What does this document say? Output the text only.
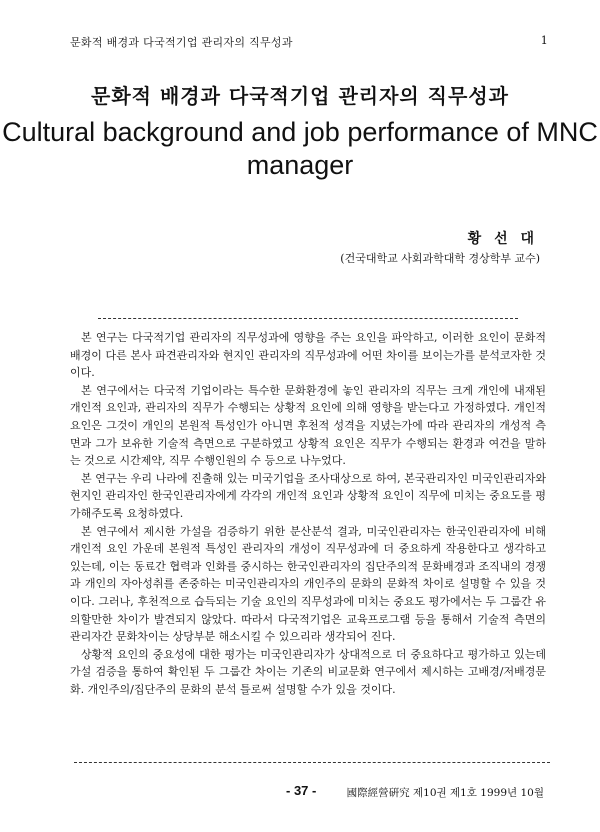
문화적 배경과 다국적기업 관리자의 직무성과	1
문화적 배경과 다국적기업 관리자의 직무성과
Cultural background and job performance of MNC manager
황 선 대
(건국대학교 사회과학대학 경상학부 교수)

본 연구는 다국적기업 관리자의 직무성과에 영향을 주는 요인을 파악하고, 이러한 요인이 문화적 배경이 다른 본사 파견관리자와 현지인 관리자의 직무성과에 어떤 차이를 보이는가를 분석코자한 것이다.

본 연구에서는 다국적 기업이라는 특수한 문화환경에 놓인 관리자의 직무는 크게 개인에 내재된 개인적 요인과, 관리자의 직무가 수행되는 상황적 요인에 의해 영향을 받는다고 가정하였다. 개인적 요인은 그것이 개인의 본원적 특성인가 아니면 후천적 성격을 지녔는가에 따라 관리자의 개성적 측면과 그가 보유한 기술적 측면으로 구분하였고 상황적 요인은 직무가 수행되는 환경과 여건을 말하는 것으로 시간제약, 직무 수행인원의 수 등으로 나누었다.

본 연구는 우리 나라에 진출해 있는 미국기업을 조사대상으로 하여, 본국관리자인 미국인관리자와 현지인 관리자인 한국인관리자에게 각각의 개인적 요인과 상황적 요인이 직무에 미치는 중요도를 평가해주도록 요청하였다.

본 연구에서 제시한 가설을 검증하기 위한 분산분석 결과, 미국인관리자는 한국인관리자에 비해 개인적 요인 가운데 본원적 특성인 관리자의 개성이 직무성과에 더 중요하게 작용한다고 생각하고 있는데, 이는 동료간 협력과 인화를 중시하는 한국인관리자의 집단주의적 문화배경과 조직내의 경쟁과 개인의 자아성취를 존중하는 미국인관리자의 개인주의 문화의 문화적 차이로 설명할 수 있을 것이다. 그러나, 후천적으로 습득되는 기술 요인의 직무성과에 미치는 중요도 평가에서는 두 그룹간 유의할만한 차이가 발견되지 않았다. 따라서 다국적기업은 교육프로그램 등을 통해서 기술적 측면의 관리자간 문화차이는 상당부분 해소시킬 수 있으리라 생각되어 진다.

상황적 요인의 중요성에 대한 평가는 미국인관리자가 상대적으로 더 중요하다고 평가하고 있는데 가설 검증을 통하여 확인된 두 그룹간 차이는 기존의 비교문화 연구에서 제시하는 고배경/저배경문화. 개인주의/집단주의 문화의 분석 틀로써 설명할 수가 있을 것이다.

- 37 -	國際經營硏究 제10권 제1호 1999년 10월
